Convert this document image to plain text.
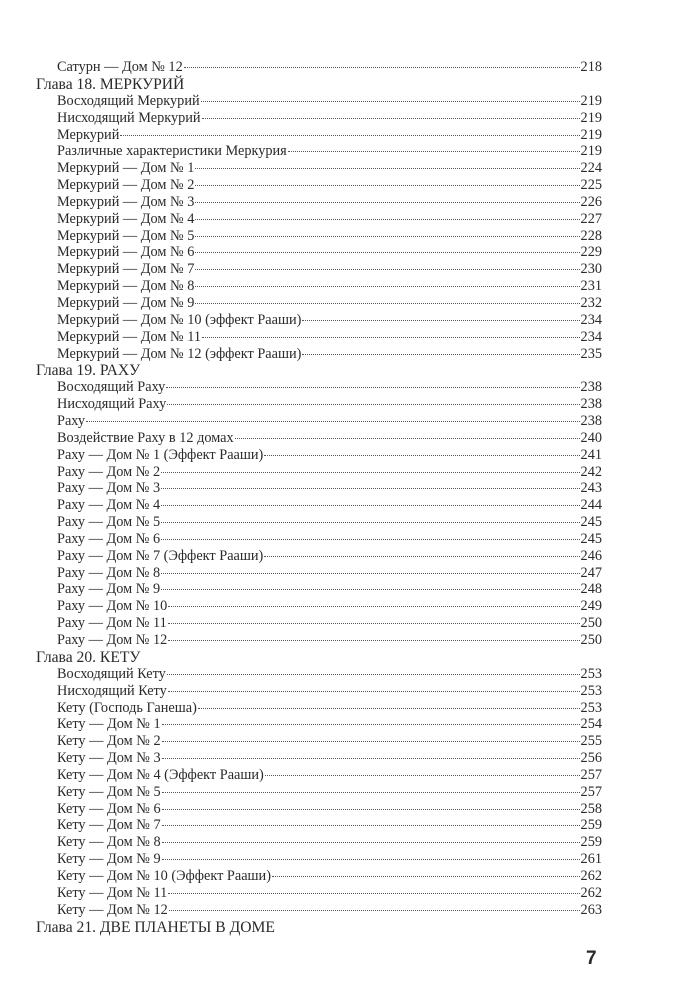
Сатурн — Дом № 12	218
Глава 18. МЕРКУРИЙ
Восходящий Меркурий	219
Нисходящий Меркурий	219
Меркурий	219
Различные характеристики Меркурия	219
Меркурий — Дом № 1	224
Меркурий — Дом № 2	225
Меркурий — Дом № 3	226
Меркурий — Дом № 4	227
Меркурий — Дом № 5	228
Меркурий — Дом № 6	229
Меркурий — Дом № 7	230
Меркурий — Дом № 8	231
Меркурий — Дом № 9	232
Меркурий — Дом № 10 (эффект Рааши)	234
Меркурий — Дом № 11	234
Меркурий — Дом № 12 (эффект Рааши)	235
Глава 19. РАХУ
Восходящий Раху	238
Нисходящий Раху	238
Раху	238
Воздействие Раху в 12 домах	240
Раху — Дом № 1 (Эффект Рааши)	241
Раху — Дом № 2	242
Раху — Дом № 3	243
Раху — Дом № 4	244
Раху — Дом № 5	245
Раху — Дом № 6	245
Раху — Дом № 7 (Эффект Рааши)	246
Раху — Дом № 8	247
Раху — Дом № 9	248
Раху — Дом № 10	249
Раху — Дом № 11	250
Раху — Дом № 12	250
Глава 20. КЕТУ
Восходящий Кету	253
Нисходящий Кету	253
Кету (Господь Ганеша)	253
Кету — Дом № 1	254
Кету — Дом № 2	255
Кету — Дом № 3	256
Кету — Дом № 4 (Эффект Рааши)	257
Кету — Дом № 5	257
Кету — Дом № 6	258
Кету — Дом № 7	259
Кету — Дом № 8	259
Кету — Дом № 9	261
Кету — Дом № 10 (Эффект Рааши)	262
Кету — Дом № 11	262
Кету — Дом № 12	263
Глава 21. ДВЕ ПЛАНЕТЫ В ДОМЕ
7
